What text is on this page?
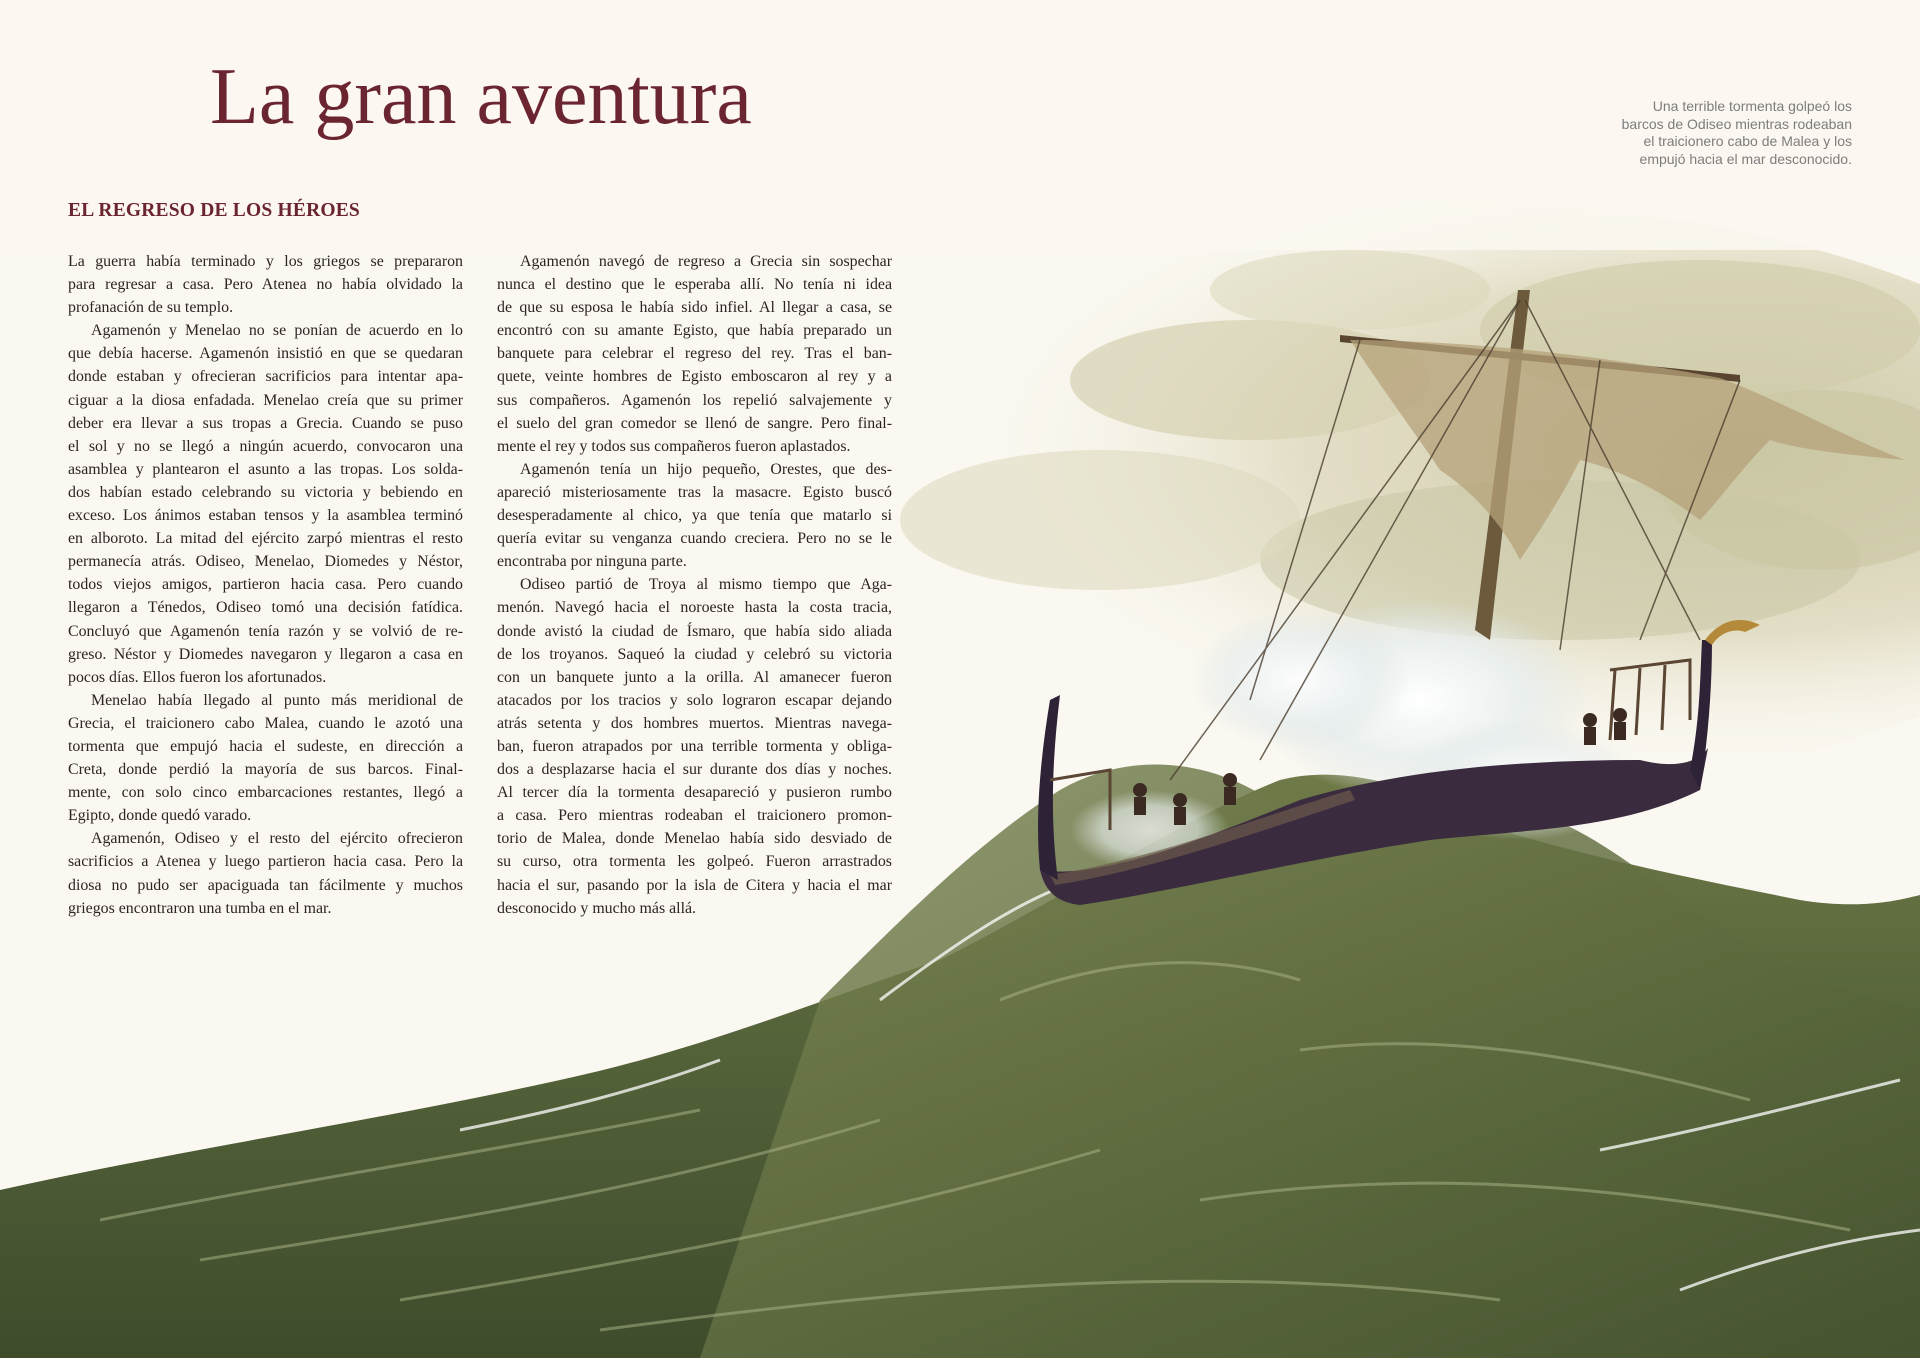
La gran aventura	Una terrible tormenta golpeó los
barcos de Odiseo mientras rodeaban
el traicionero cabo de Malea y los
empujó hacia el mar desconocido.
EL REGRESO DE LOS HÉROES
La guerra había terminado y los griegos se prepararon
para regresar a casa. Pero Atenea no había olvidado la
profanación de su templo.
Agamenón y Menelao no se ponían de acuerdo en lo
que debía hacerse. Agamenón insistió en que se quedaran
donde estaban y ofrecieran sacrificios para intentar apa-
ciguar a la diosa enfadada. Menelao creía que su primer
deber era llevar a sus tropas a Grecia. Cuando se puso
el sol y no se llegó a ningún acuerdo, convocaron una
asamblea y plantearon el asunto a las tropas. Los solda-
dos habían estado celebrando su victoria y bebiendo en
exceso. Los ánimos estaban tensos y la asamblea terminó
en alboroto. La mitad del ejército zarpó mientras el resto
permanecía atrás. Odiseo, Menelao, Diomedes y Néstor,
todos viejos amigos, partieron hacia casa. Pero cuando
llegaron a Ténedos, Odiseo tomó una decisión fatídica.
Concluyó que Agamenón tenía razón y se volvió de re-
greso. Néstor y Diomedes navegaron y llegaron a casa en
pocos días. Ellos fueron los afortunados.
Menelao había llegado al punto más meridional de
Grecia, el traicionero cabo Malea, cuando le azotó una
tormenta que empujó hacia el sudeste, en dirección a
Creta, donde perdió la mayoría de sus barcos. Final-
mente, con solo cinco embarcaciones restantes, llegó a
Egipto, donde quedó varado.
Agamenón, Odiseo y el resto del ejército ofrecieron
sacrificios a Atenea y luego partieron hacia casa. Pero la
diosa no pudo ser apaciguada tan fácilmente y muchos
griegos encontraron una tumba en el mar.
Agamenón navegó de regreso a Grecia sin sospechar
nunca el destino que le esperaba allí. No tenía ni idea
de que su esposa le había sido infiel. Al llegar a casa, se
encontró con su amante Egisto, que había preparado un
banquete para celebrar el regreso del rey. Tras el ban-
quete, veinte hombres de Egisto emboscaron al rey y a
sus compañeros. Agamenón los repelió salvajemente y
el suelo del gran comedor se llenó de sangre. Pero final-
mente el rey y todos sus compañeros fueron aplastados.
Agamenón tenía un hijo pequeño, Orestes, que des-
apareció misteriosamente tras la masacre. Egisto buscó
desesperadamente al chico, ya que tenía que matarlo si
quería evitar su venganza cuando creciera. Pero no se le
encontraba por ninguna parte.
Odiseo partió de Troya al mismo tiempo que Aga-
menón. Navegó hacia el noroeste hasta la costa tracia,
donde avistó la ciudad de Ísmaro, que había sido aliada
de los troyanos. Saqueó la ciudad y celebró su victoria
con un banquete junto a la orilla. Al amanecer fueron
atacados por los tracios y solo lograron escapar dejando
atrás setenta y dos hombres muertos. Mientras navega-
ban, fueron atrapados por una terrible tormenta y obliga-
dos a desplazarse hacia el sur durante dos días y noches.
Al tercer día la tormenta desapareció y pusieron rumbo
a casa. Pero mientras rodeaban el traicionero promon-
torio de Malea, donde Menelao había sido desviado de
su curso, otra tormenta les golpeó. Fueron arrastrados
hacia el sur, pasando por la isla de Citera y hacia el mar
desconocido y mucho más allá.
